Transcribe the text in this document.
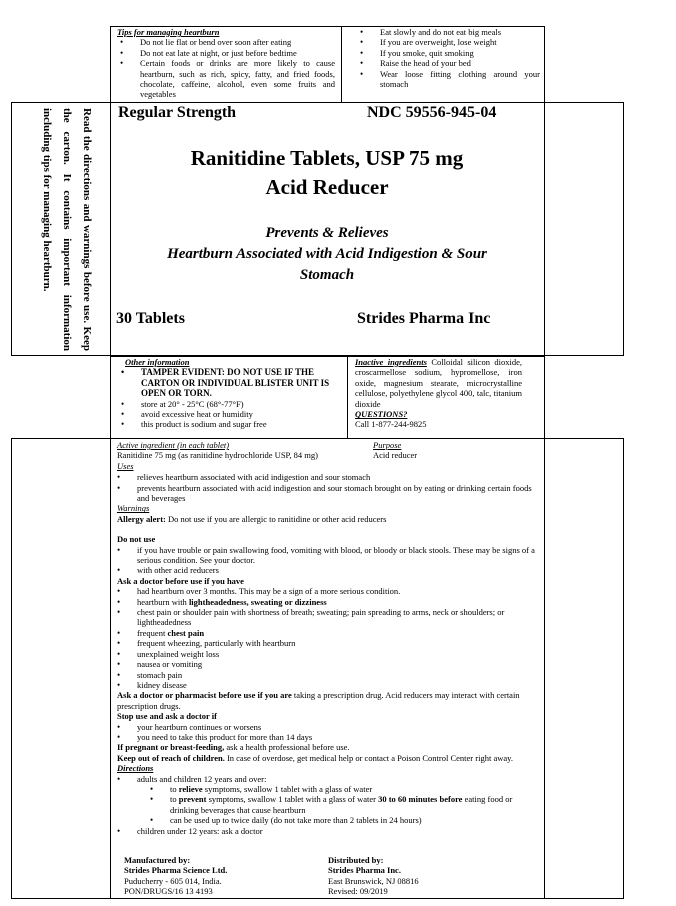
Tips for managing heartburn
• Do not lie flat or bend over soon after eating
• Do not eat late at night, or just before bedtime
• Certain foods or drinks are more likely to cause heartburn, such as rich, spicy, fatty, and fried foods, chocolate, caffeine, alcohol, even some fruits and vegetables
• Eat slowly and do not eat big meals
• If you are overweight, lose weight
• If you smoke, quit smoking
• Raise the head of your bed
• Wear loose fitting clothing around your stomach
Read the directions and warnings before use. Keep the carton. It contains important information including tips for managing heartburn.	Regular Strength	NDC 59556-945-04
Ranitidine Tablets, USP 75 mg
Acid Reducer
Prevents & Relieves
Heartburn Associated with Acid Indigestion & Sour
Stomach
30 Tablets	Strides Pharma Inc
Other information
• TAMPER EVIDENT: DO NOT USE IF THE CARTON OR INDIVIDUAL BLISTER UNIT IS OPEN OR TORN.
• store at 20° - 25°C (68°-77°F)
• avoid excessive heat or humidity
• this product is sodium and sugar free
Inactive ingredients Colloidal silicon dioxide, croscarmellose sodium, hypromellose, iron oxide, magnesium stearate, microcrystalline cellulose, polyethylene glycol 400, talc, titanium dioxide
QUESTIONS?
Call 1-877-244-9825
Active ingredient (in each tablet)	Purpose
Ranitidine 75 mg (as ranitidine hydrochloride USP, 84 mg)	Acid reducer
Uses
• relieves heartburn associated with acid indigestion and sour stomach
• prevents heartburn associated with acid indigestion and sour stomach brought on by eating or drinking certain foods and beverages
Warnings
Allergy alert: Do not use if you are allergic to ranitidine or other acid reducers
Do not use
• if you have trouble or pain swallowing food, vomiting with blood, or bloody or black stools. These may be signs of a serious condition. See your doctor.
• with other acid reducers
Ask a doctor before use if you have
• had heartburn over 3 months. This may be a sign of a more serious condition.
• heartburn with lightheadedness, sweating or dizziness
• chest pain or shoulder pain with shortness of breath; sweating; pain spreading to arms, neck or shoulders; or lightheadedness
• frequent chest pain
• frequent wheezing, particularly with heartburn
• unexplained weight loss
• nausea or vomiting
• stomach pain
• kidney disease
Ask a doctor or pharmacist before use if you are taking a prescription drug. Acid reducers may interact with certain prescription drugs.
Stop use and ask a doctor if
• your heartburn continues or worsens
• you need to take this product for more than 14 days
If pregnant or breast-feeding, ask a health professional before use.
Keep out of reach of children. In case of overdose, get medical help or contact a Poison Control Center right away.
Directions
• adults and children 12 years and over:
• to relieve symptoms, swallow 1 tablet with a glass of water
• to prevent symptoms, swallow 1 tablet with a glass of water 30 to 60 minutes before eating food or drinking beverages that cause heartburn
• can be used up to twice daily (do not take more than 2 tablets in 24 hours)
• children under 12 years: ask a doctor
Manufactured by:
Strides Pharma Science Ltd.
Puducherry - 605 014, India.
PON/DRUGS/16 13 4193
Distributed by:
Strides Pharma Inc.
East Brunswick, NJ 08816
Revised: 09/2019
